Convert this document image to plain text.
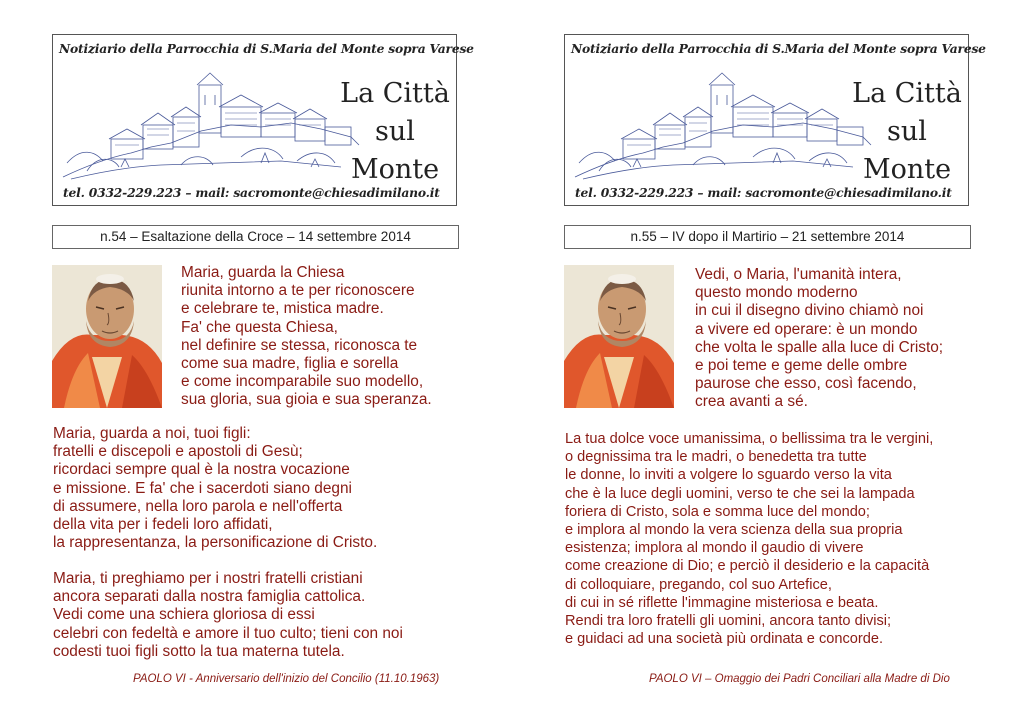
Notiziario della Parrocchia di S.Maria del Monte sopra Varese
La Città
sul
Monte
tel. 0332-229.223 – mail: sacromonte@chiesadimilano.it
n.54 – Esaltazione della Croce – 14 settembre 2014
Maria, guarda la Chiesa
riunita intorno a te per riconoscere
e celebrare te, mistica madre.
Fa' che questa Chiesa,
nel definire se stessa, riconosca te
come sua madre, figlia e sorella
e come incomparabile suo modello,
sua gloria, sua gioia e sua speranza.
Maria, guarda a noi, tuoi figli:
fratelli e discepoli e apostoli di Gesù;
ricordaci sempre qual è la nostra vocazione
e missione. E fa' che i sacerdoti siano degni
di assumere, nella loro parola e nell'offerta
della vita per i fedeli loro affidati,
la rappresentanza, la personificazione di Cristo.
Maria, ti preghiamo per i nostri fratelli cristiani
ancora separati dalla nostra famiglia cattolica.
Vedi come una schiera gloriosa di essi
celebri con fedeltà e amore il tuo culto; tieni con noi
codesti tuoi figli sotto la tua materna tutela.
PAOLO VI - Anniversario dell'inizio del Concilio (11.10.1963)
Notiziario della Parrocchia di S.Maria del Monte sopra Varese
La Città
sul
Monte
tel. 0332-229.223 – mail: sacromonte@chiesadimilano.it
n.55 – IV dopo il Martirio – 21 settembre 2014
Vedi, o Maria, l'umanità intera,
questo mondo moderno
in cui il disegno divino chiamò noi
a vivere ed operare: è un mondo
che volta le spalle alla luce di Cristo;
e poi teme e geme delle ombre
paurose che esso, così facendo,
crea avanti a sé.
La tua dolce voce umanissima, o bellissima tra le vergini,
o degnissima tra le madri, o benedetta tra tutte
le donne, lo inviti a volgere lo sguardo verso la vita
che è la luce degli uomini, verso te che sei la lampada
foriera di Cristo, sola e somma luce del mondo;
e implora al mondo la vera scienza della sua propria
esistenza; implora al mondo il gaudio di vivere
come creazione di Dio; e perciò il desiderio e la capacità
di colloquiare, pregando, col suo Artefice,
di cui in sé riflette l'immagine misteriosa e beata.
Rendi tra loro fratelli gli uomini, ancora tanto divisi;
e guidaci ad una società più ordinata e concorde.
PAOLO VI – Omaggio dei Padri Conciliari alla Madre di Dio
